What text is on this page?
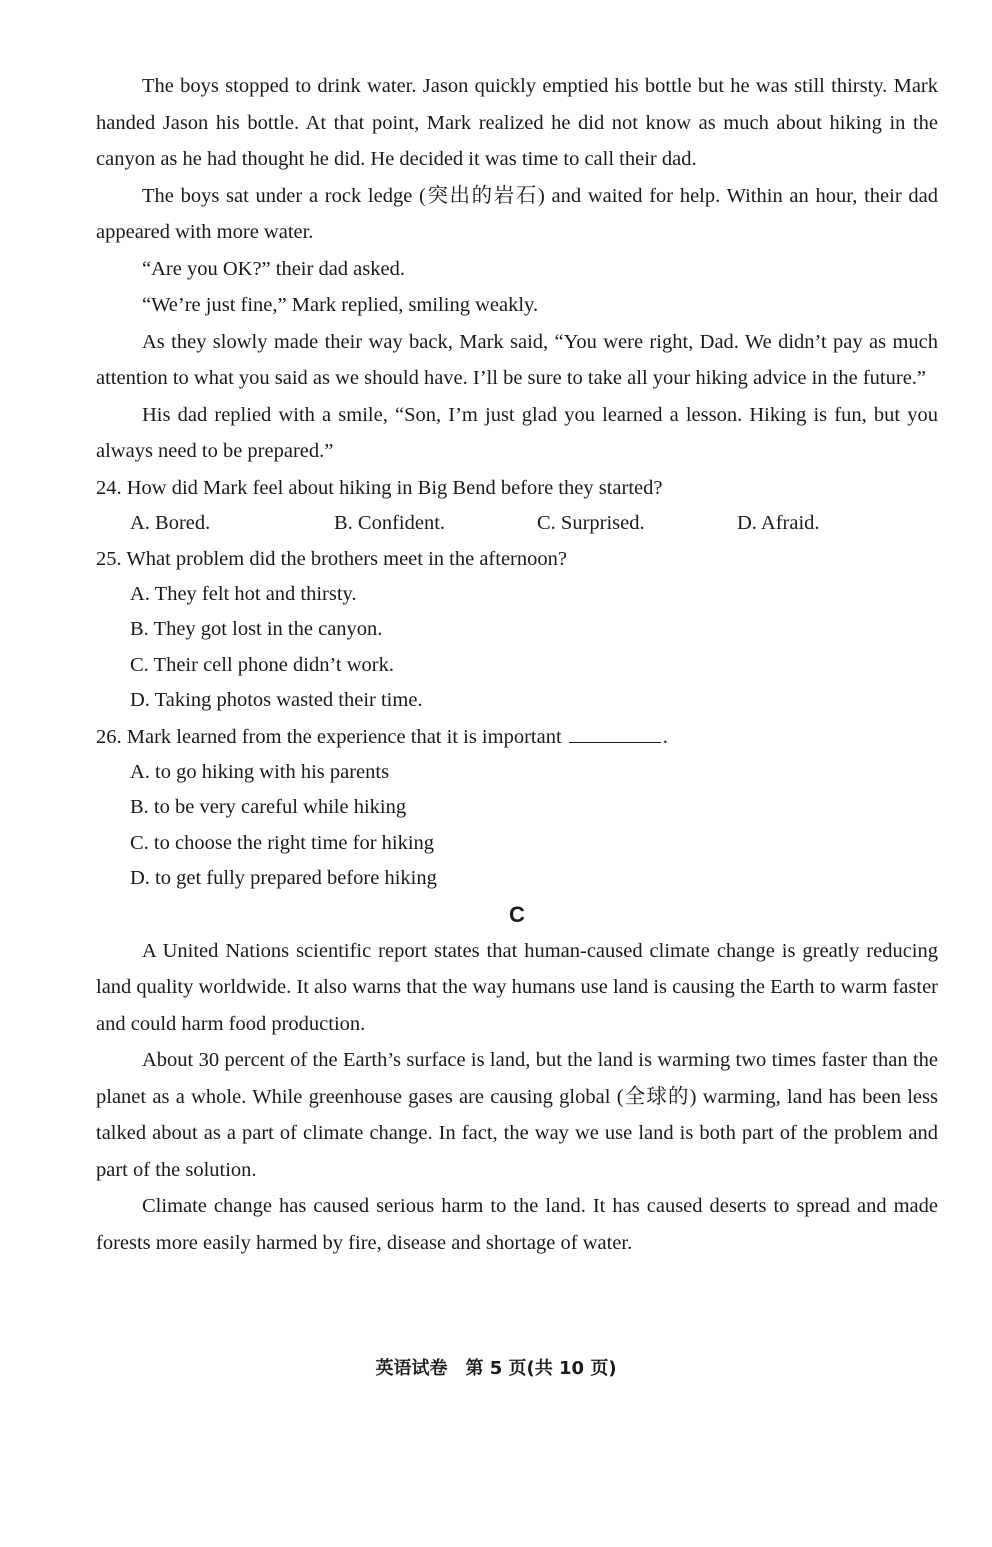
The boys stopped to drink water. Jason quickly emptied his bottle but he was still thirsty. Mark handed Jason his bottle. At that point, Mark realized he did not know as much about hiking in the canyon as he had thought he did. He decided it was time to call their dad.

The boys sat under a rock ledge (突出的岩石) and waited for help. Within an hour, their dad appeared with more water.

“Are you OK?” their dad asked.

“We’re just fine,” Mark replied, smiling weakly.

As they slowly made their way back, Mark said, “You were right, Dad. We didn’t pay as much attention to what you said as we should have. I’ll be sure to take all your hiking advice in the future.”

His dad replied with a smile, “Son, I’m just glad you learned a lesson. Hiking is fun, but you always need to be prepared.”

24. How did Mark feel about hiking in Big Bend before they started?

A. Bored.	B. Confident.	C. Surprised.	D. Afraid.

25. What problem did the brothers meet in the afternoon?

A. They felt hot and thirsty.

B. They got lost in the canyon.

C. Their cell phone didn’t work.

D. Taking photos wasted their time.

26. Mark learned from the experience that it is important	.

A. to go hiking with his parents

B. to be very careful while hiking

C. to choose the right time for hiking

D. to get fully prepared before hiking

C

A United Nations scientific report states that human-caused climate change is greatly reducing land quality worldwide. It also warns that the way humans use land is causing the Earth to warm faster and could harm food production.

About 30 percent of the Earth’s surface is land, but the land is warming two times faster than the planet as a whole. While greenhouse gases are causing global (全球的) warming, land has been less talked about as a part of climate change. In fact, the way we use land is both part of the problem and part of the solution.

Climate change has caused serious harm to the land. It has caused deserts to spread and made forests more easily harmed by fire, disease and shortage of water.

英语试卷　第 5 页(共 10 页)
